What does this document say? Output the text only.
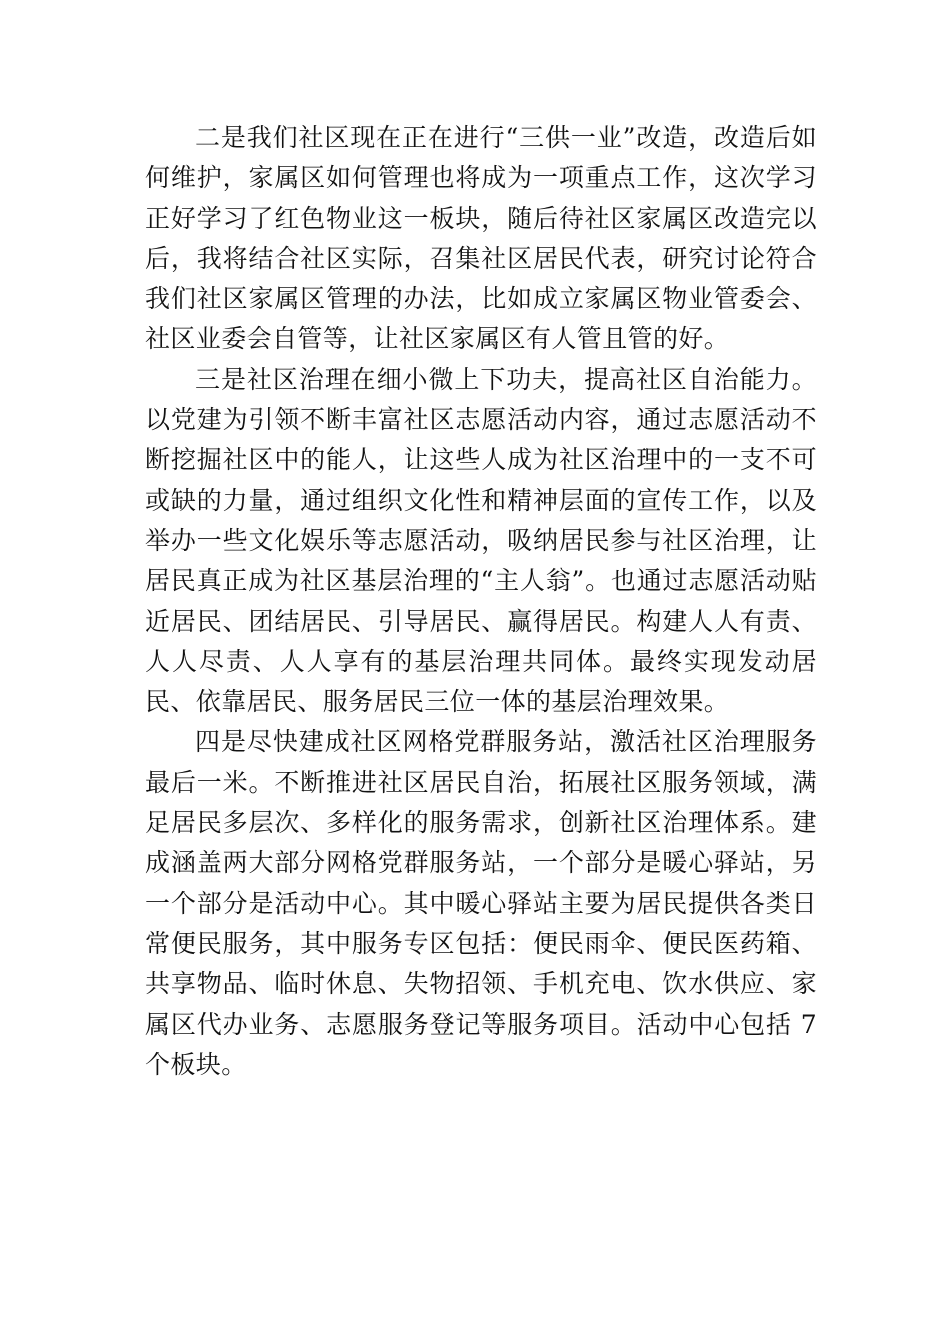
二是我们社区现在正在进行“三供一业”改造，改造后如何维护，家属区如何管理也将成为一项重点工作，这次学习正好学习了红色物业这一板块，随后待社区家属区改造完以后，我将结合社区实际，召集社区居民代表，研究讨论符合我们社区家属区管理的办法，比如成立家属区物业管委会、社区业委会自管等，让社区家属区有人管且管的好。

三是社区治理在细小微上下功夫，提高社区自治能力。以党建为引领不断丰富社区志愿活动内容，通过志愿活动不断挖掘社区中的能人，让这些人成为社区治理中的一支不可或缺的力量，通过组织文化性和精神层面的宣传工作，以及举办一些文化娱乐等志愿活动，吸纳居民参与社区治理，让居民真正成为社区基层治理的“主人翁”。也通过志愿活动贴近居民、团结居民、引导居民、赢得居民。构建人人有责、 人人尽责、人人享有的基层治理共同体。最终实现发动居民、依靠居民、服务居民三位一体的基层治理效果。

四是尽快建成社区网格党群服务站，激活社区治理服务最后一米。不断推进社区居民自治，拓展社区服务领域，满足居民多层次、多样化的服务需求，创新社区治理体系。建成涵盖两大部分网格党群服务站，一个部分是暖心驿站，另一个部分是活动中心。其中暖心驿站主要为居民提供各类日常便民服务，其中服务专区包括：便民雨伞、便民医药箱、 共享物品、临时休息、失物招领、手机充电、饮水供应、家属区代办业务、志愿服务登记等服务项目。活动中心包括 7 个板块。
